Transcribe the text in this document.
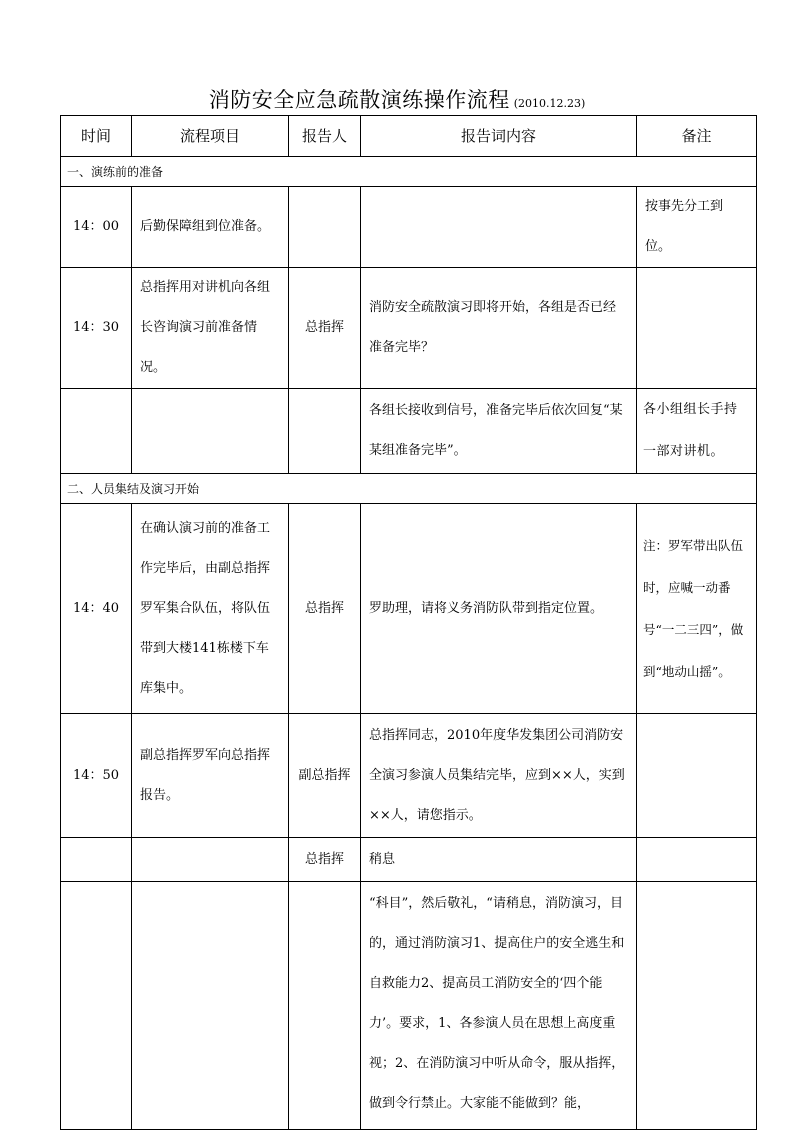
消防安全应急疏散演练操作流程 (2010.12.23)
时间	流程项目	报告人	报告词内容	备注
一、演练前的准备				
14：00	后勤保障组到位准备。			按事先分工到位。
14：30	总指挥用对讲机向各组长咨询演习前准备情况。	总指挥	消防安全疏散演习即将开始，各组是否已经准备完毕？	
			各组长接收到信号，准备完毕后依次回复“某某组准备完毕”。	各小组组长手持一部对讲机。
二、人员集结及演习开始				
14：40	在确认演习前的准备工作完毕后，由副总指挥罗军集合队伍，将队伍带到大楼141栋楼下车库集中。	总指挥	罗助理，请将义务消防队带到指定位置。	注：罗军带出队伍时，应喊一动番号“一二三四”，做到“地动山摇”。
14：50	副总指挥罗军向总指挥报告。	副总指挥	总指挥同志，2010年度华发集团公司消防安全演习参演人员集结完毕，应到××人，实到××人，请您指示。	
		总指挥	稍息	
			“科目”，然后敬礼，“请稍息，消防演习，目的，通过消防演习1、提高住户的安全逃生和自救能力2、提高员工消防安全的‘四个能力’。要求，1、各参演人员在思想上高度重视；2、在消防演习中听从命令，服从指挥，做到令行禁止。大家能不能做到？能，	
